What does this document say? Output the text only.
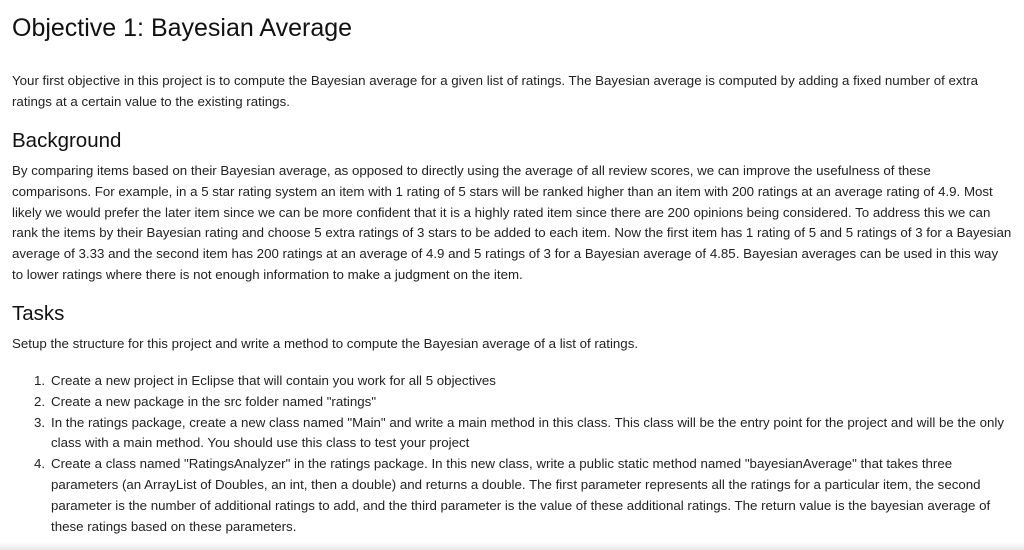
Objective 1: Bayesian Average

Your first objective in this project is to compute the Bayesian average for a given list of ratings. The Bayesian average is computed by adding a fixed number of extra ratings at a certain value to the existing ratings.

Background

By comparing items based on their Bayesian average, as opposed to directly using the average of all review scores, we can improve the usefulness of these comparisons. For example, in a 5 star rating system an item with 1 rating of 5 stars will be ranked higher than an item with 200 ratings at an average rating of 4.9. Most likely we would prefer the later item since we can be more confident that it is a highly rated item since there are 200 opinions being considered. To address this we can rank the items by their Bayesian rating and choose 5 extra ratings of 3 stars to be added to each item. Now the first item has 1 rating of 5 and 5 ratings of 3 for a Bayesian average of 3.33 and the second item has 200 ratings at an average of 4.9 and 5 ratings of 3 for a Bayesian average of 4.85. Bayesian averages can be used in this way to lower ratings where there is not enough information to make a judgment on the item.

Tasks

Setup the structure for this project and write a method to compute the Bayesian average of a list of ratings.

1. Create a new project in Eclipse that will contain you work for all 5 objectives
2. Create a new package in the src folder named "ratings"
3. In the ratings package, create a new class named "Main" and write a main method in this class. This class will be the entry point for the project and will be the only class with a main method. You should use this class to test your project
4. Create a class named "RatingsAnalyzer" in the ratings package. In this new class, write a public static method named "bayesianAverage" that takes three parameters (an ArrayList of Doubles, an int, then a double) and returns a double. The first parameter represents all the ratings for a particular item, the second parameter is the number of additional ratings to add, and the third parameter is the value of these additional ratings. The return value is the bayesian average of these ratings based on these parameters.
